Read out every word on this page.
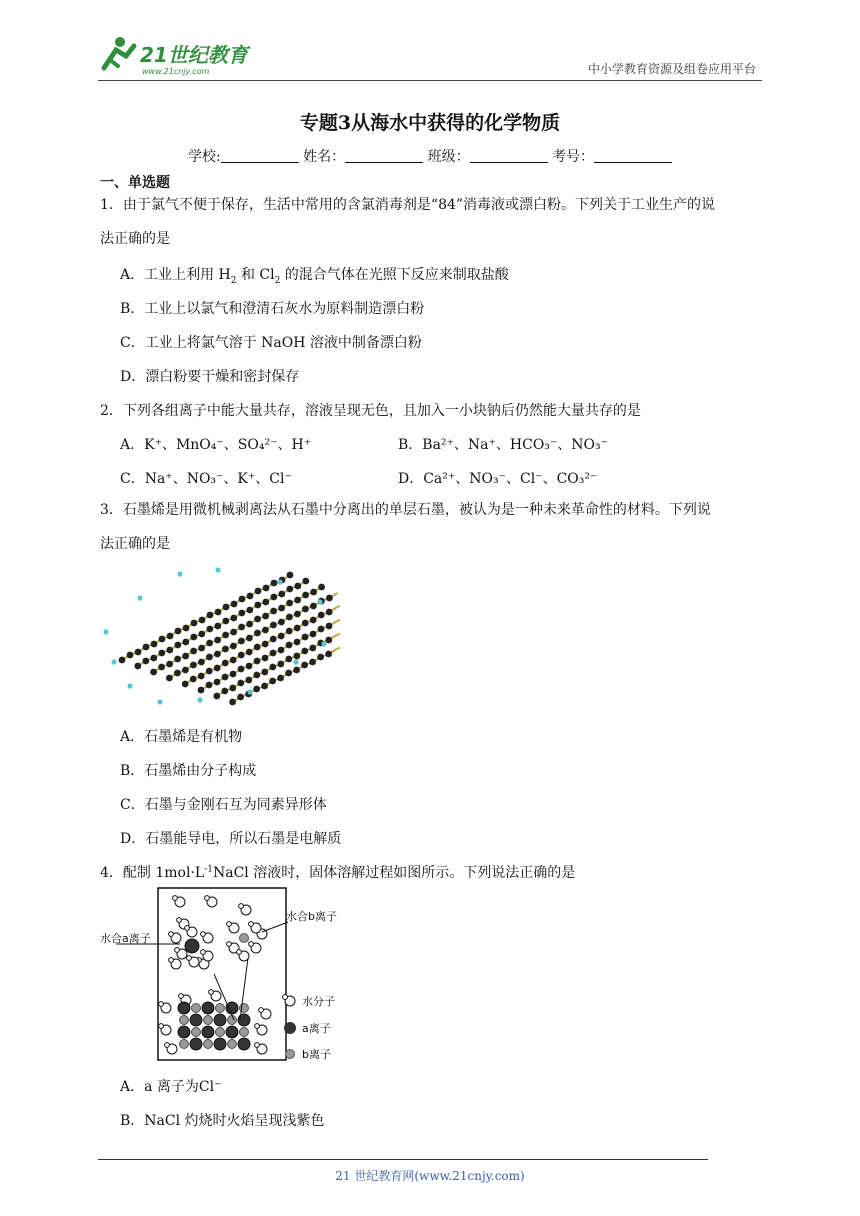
21世纪教育
www.21cnjy.com	中小学教育资源及组卷应用平台
专题3从海水中获得的化学物质
学校:	姓名：	班级：	考号：
一、单选题
1．由于氯气不便于保存，生活中常用的含氯消毒剂是“84”消毒液或漂白粉。下列关于工业生产的说
法正确的是
A．工业上利用 $H_2$ 和 $Cl_2$ 的混合气体在光照下反应来制取盐酸
B．工业上以氯气和澄清石灰水为原料制造漂白粉
C．工业上将氯气溶于 NaOH 溶液中制备漂白粉
D．漂白粉要干燥和密封保存
2．下列各组离子中能大量共存，溶液呈现无色，且加入一小块钠后仍然能大量共存的是
A．K⁺、MnO₄⁻、SO₄²⁻、H⁺	B．Ba²⁺、Na⁺、HCO₃⁻、NO₃⁻
C．Na⁺、NO₃⁻、K⁺、Cl⁻	D．Ca²⁺、NO₃⁻、Cl⁻、CO₃²⁻
3．石墨烯是用微机械剥离法从石墨中分离出的单层石墨，被认为是一种未来革命性的材料。下列说
法正确的是
A．石墨烯是有机物
B．石墨烯由分子构成
C．石墨与金刚石互为同素异形体
D．石墨能导电，所以石墨是电解质
4．配制 $1mol\cdot L^{-1}NaCl$ 溶液时，固体溶解过程如图所示。下列说法正确的是
水合a离子
水合b离子
水分子
a离子
b离子
A．a 离子为Cl⁻
B．NaCl 灼烧时火焰呈现浅紫色
21 世纪教育网(www.21cnjy.com)
